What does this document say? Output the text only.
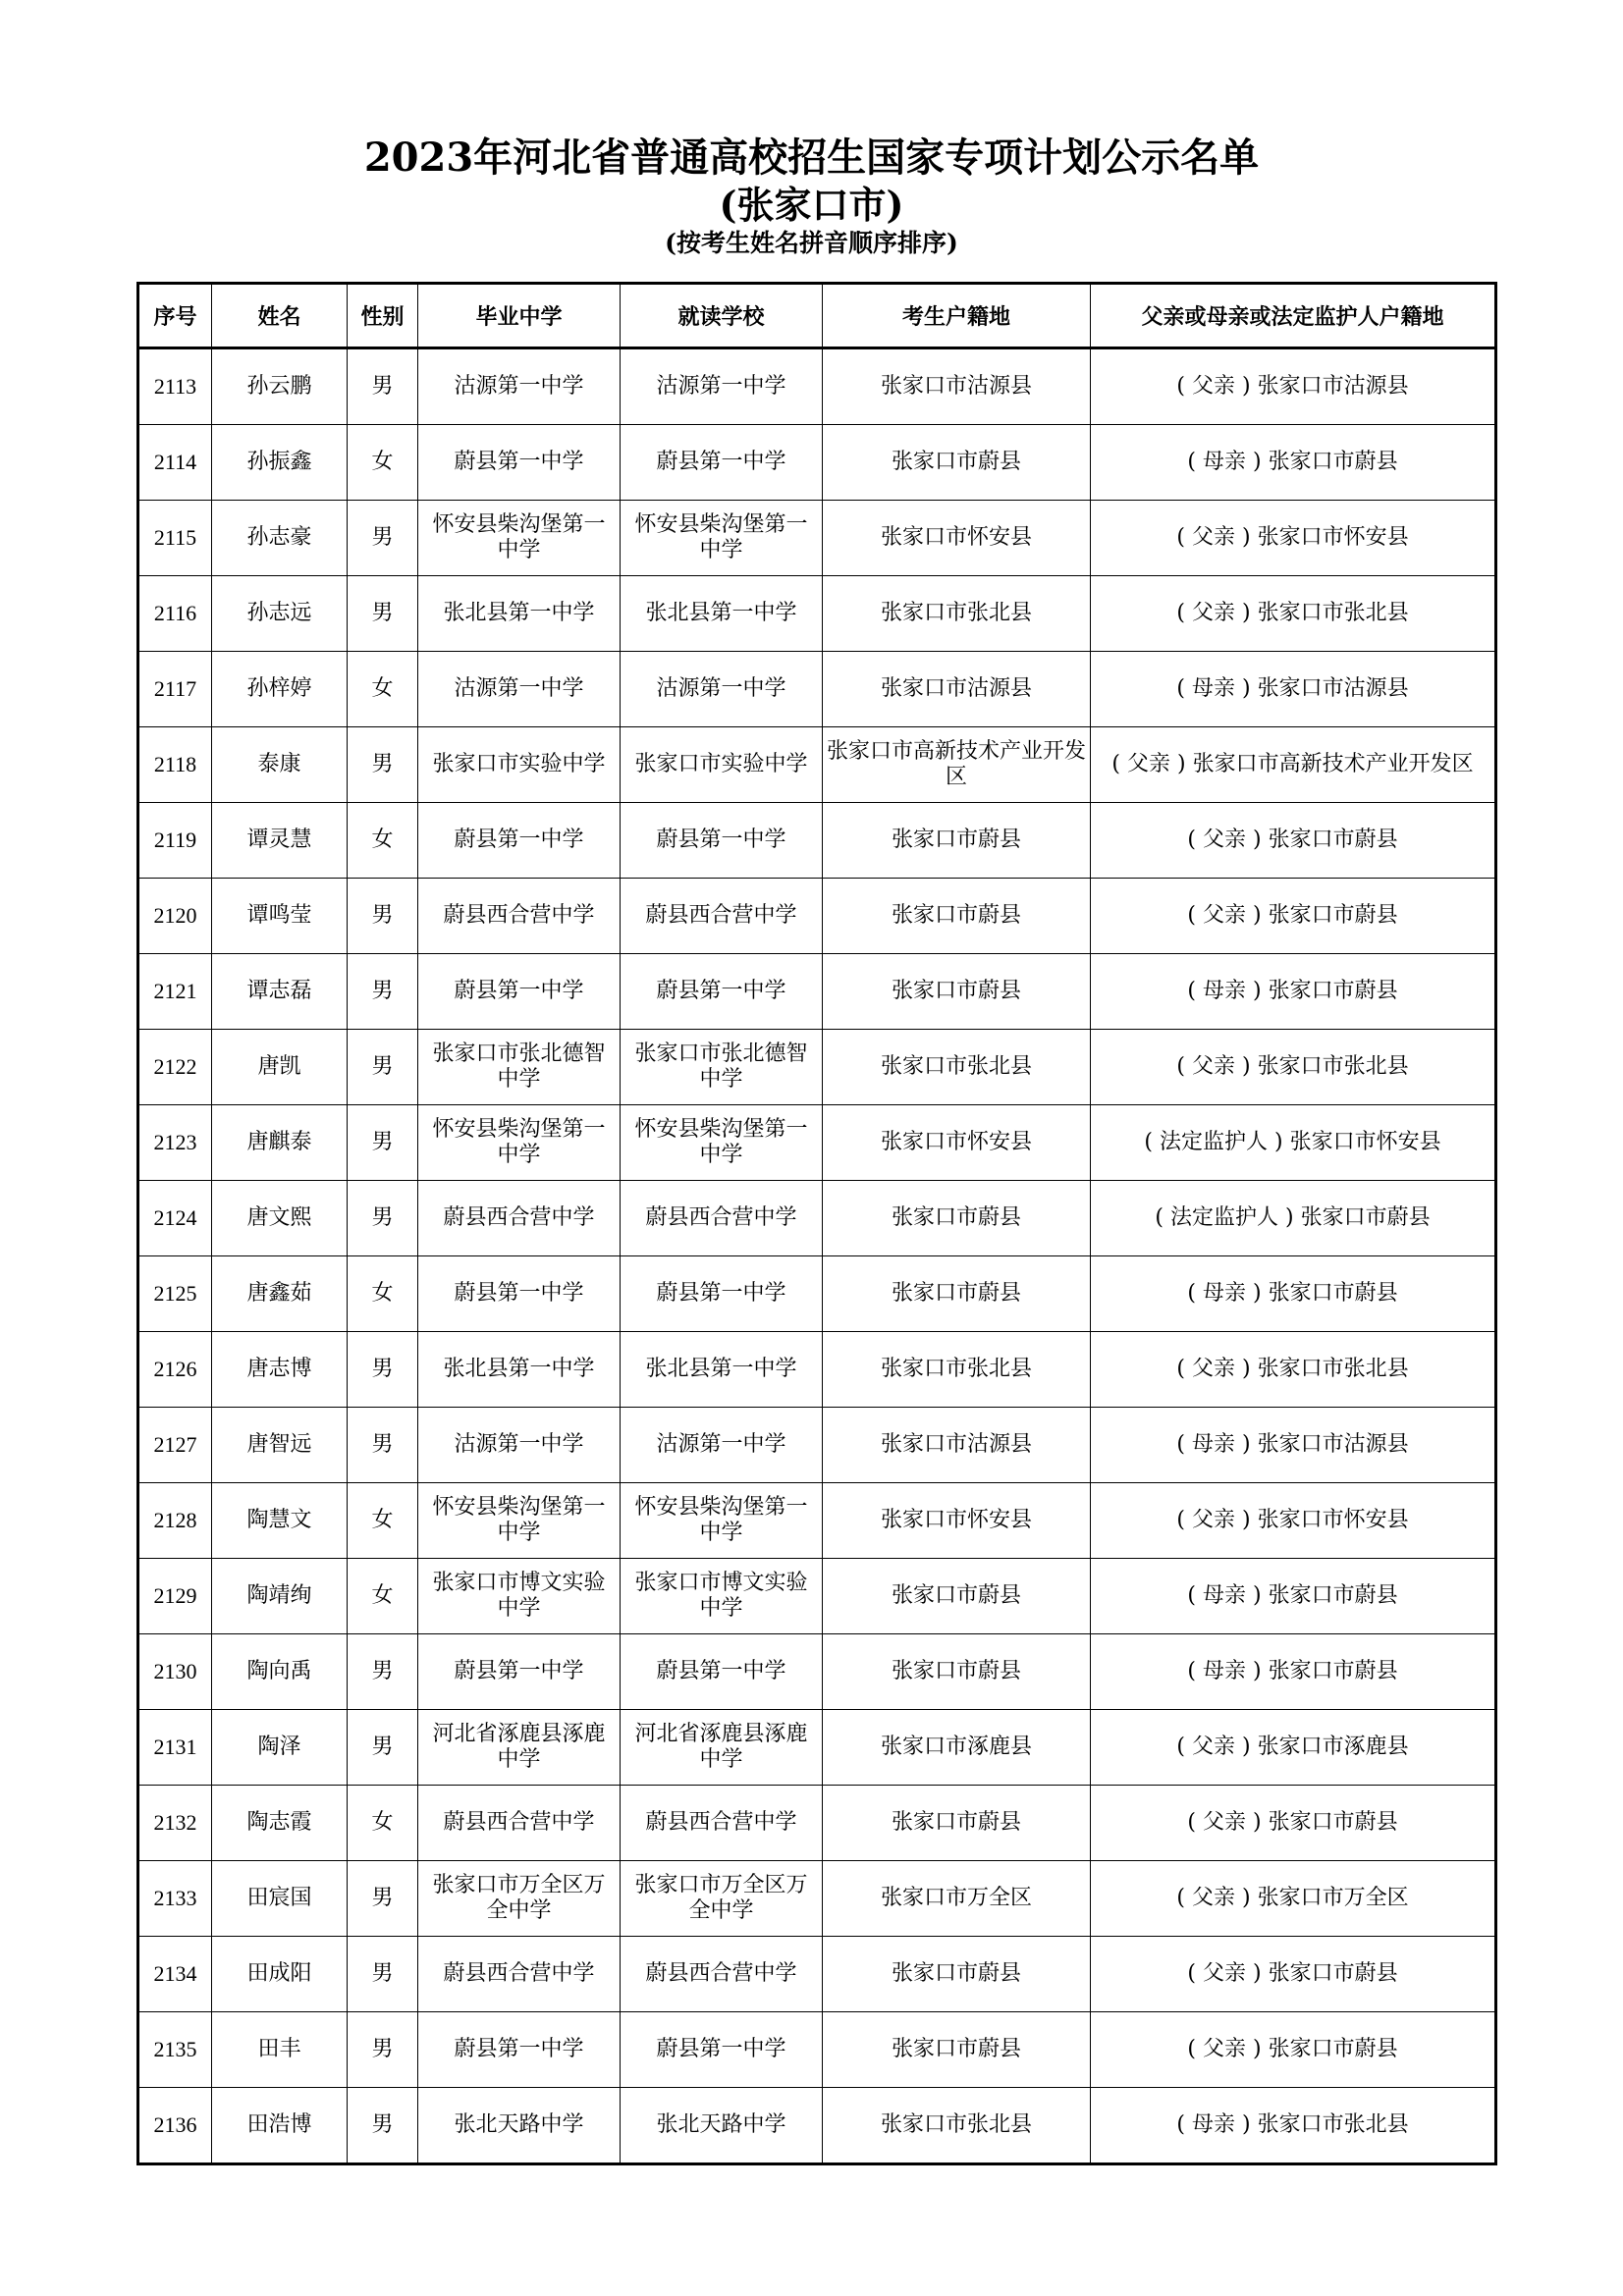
2023年河北省普通高校招生国家专项计划公示名单
(张家口市)
(按考生姓名拼音顺序排序)
序号	姓名	性别	毕业中学	就读学校	考生户籍地	父亲或母亲或法定监护人户籍地
2113	孙云鹏	男	沽源第一中学	沽源第一中学	张家口市沽源县	( 父亲 ) 张家口市沽源县
2114	孙振鑫	女	蔚县第一中学	蔚县第一中学	张家口市蔚县	( 母亲 ) 张家口市蔚县
2115	孙志豪	男	怀安县柴沟堡第一中学	怀安县柴沟堡第一中学	张家口市怀安县	( 父亲 ) 张家口市怀安县
2116	孙志远	男	张北县第一中学	张北县第一中学	张家口市张北县	( 父亲 ) 张家口市张北县
2117	孙梓婷	女	沽源第一中学	沽源第一中学	张家口市沽源县	( 母亲 ) 张家口市沽源县
2118	泰康	男	张家口市实验中学	张家口市实验中学	张家口市高新技术产业开发区	( 父亲 ) 张家口市高新技术产业开发区
2119	谭灵慧	女	蔚县第一中学	蔚县第一中学	张家口市蔚县	( 父亲 ) 张家口市蔚县
2120	谭鸣莹	男	蔚县西合营中学	蔚县西合营中学	张家口市蔚县	( 父亲 ) 张家口市蔚县
2121	谭志磊	男	蔚县第一中学	蔚县第一中学	张家口市蔚县	( 母亲 ) 张家口市蔚县
2122	唐凯	男	张家口市张北德智中学	张家口市张北德智中学	张家口市张北县	( 父亲 ) 张家口市张北县
2123	唐麒泰	男	怀安县柴沟堡第一中学	怀安县柴沟堡第一中学	张家口市怀安县	( 法定监护人 ) 张家口市怀安县
2124	唐文熙	男	蔚县西合营中学	蔚县西合营中学	张家口市蔚县	( 法定监护人 ) 张家口市蔚县
2125	唐鑫茹	女	蔚县第一中学	蔚县第一中学	张家口市蔚县	( 母亲 ) 张家口市蔚县
2126	唐志博	男	张北县第一中学	张北县第一中学	张家口市张北县	( 父亲 ) 张家口市张北县
2127	唐智远	男	沽源第一中学	沽源第一中学	张家口市沽源县	( 母亲 ) 张家口市沽源县
2128	陶慧文	女	怀安县柴沟堡第一中学	怀安县柴沟堡第一中学	张家口市怀安县	( 父亲 ) 张家口市怀安县
2129	陶靖绚	女	张家口市博文实验中学	张家口市博文实验中学	张家口市蔚县	( 母亲 ) 张家口市蔚县
2130	陶向禹	男	蔚县第一中学	蔚县第一中学	张家口市蔚县	( 母亲 ) 张家口市蔚县
2131	陶泽	男	河北省涿鹿县涿鹿中学	河北省涿鹿县涿鹿中学	张家口市涿鹿县	( 父亲 ) 张家口市涿鹿县
2132	陶志霞	女	蔚县西合营中学	蔚县西合营中学	张家口市蔚县	( 父亲 ) 张家口市蔚县
2133	田宸国	男	张家口市万全区万全中学	张家口市万全区万全中学	张家口市万全区	( 父亲 ) 张家口市万全区
2134	田成阳	男	蔚县西合营中学	蔚县西合营中学	张家口市蔚县	( 父亲 ) 张家口市蔚县
2135	田丰	男	蔚县第一中学	蔚县第一中学	张家口市蔚县	( 父亲 ) 张家口市蔚县
2136	田浩博	男	张北天路中学	张北天路中学	张家口市张北县	( 母亲 ) 张家口市张北县
